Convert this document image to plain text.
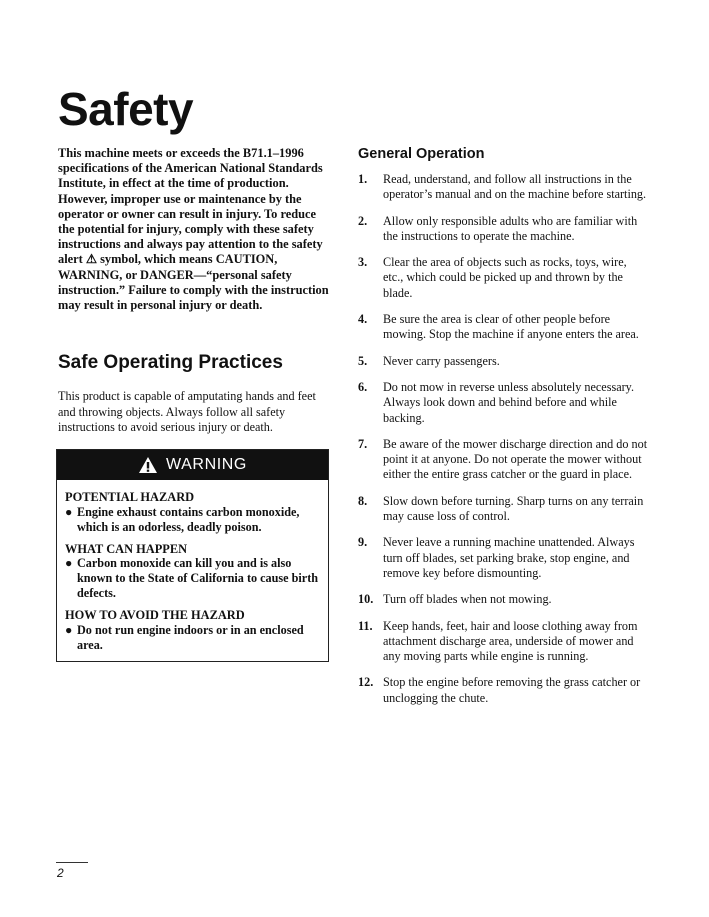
Safety

This machine meets or exceeds the B71.1–1996 specifications of the American National Standards Institute, in effect at the time of production. However, improper use or maintenance by the operator or owner can result in injury. To reduce the potential for injury, comply with these safety instructions and always pay attention to the safety alert ⚠ symbol, which means CAUTION, WARNING, or DANGER—“personal safety instruction.” Failure to comply with the instruction may result in personal injury or death.

Safe Operating Practices

This product is capable of amputating hands and feet and throwing objects. Always follow all safety instructions to avoid serious injury or death.

WARNING
POTENTIAL HAZARD
● Engine exhaust contains carbon monoxide, which is an odorless, deadly poison.
WHAT CAN HAPPEN
● Carbon monoxide can kill you and is also known to the State of California to cause birth defects.
HOW TO AVOID THE HAZARD
● Do not run engine indoors or in an enclosed area.
General Operation
1.	Read, understand, and follow all instructions in the operator’s manual and on the machine before starting.
2.	Allow only responsible adults who are familiar with the instructions to operate the machine.
3.	Clear the area of objects such as rocks, toys, wire, etc., which could be picked up and thrown by the blade.
4.	Be sure the area is clear of other people before mowing. Stop the machine if anyone enters the area.
5.	Never carry passengers.
6.	Do not mow in reverse unless absolutely necessary. Always look down and behind before and while backing.
7.	Be aware of the mower discharge direction and do not point it at anyone. Do not operate the mower without either the entire grass catcher or the guard in place.
8.	Slow down before turning. Sharp turns on any terrain may cause loss of control.
9.	Never leave a running machine unattended. Always turn off blades, set parking brake, stop engine, and remove key before dismounting.
10. Turn off blades when not mowing.
11. Keep hands, feet, hair and loose clothing away from attachment discharge area, underside of mower and any moving parts while engine is running.
12. Stop the engine before removing the grass catcher or unclogging the chute.
2
